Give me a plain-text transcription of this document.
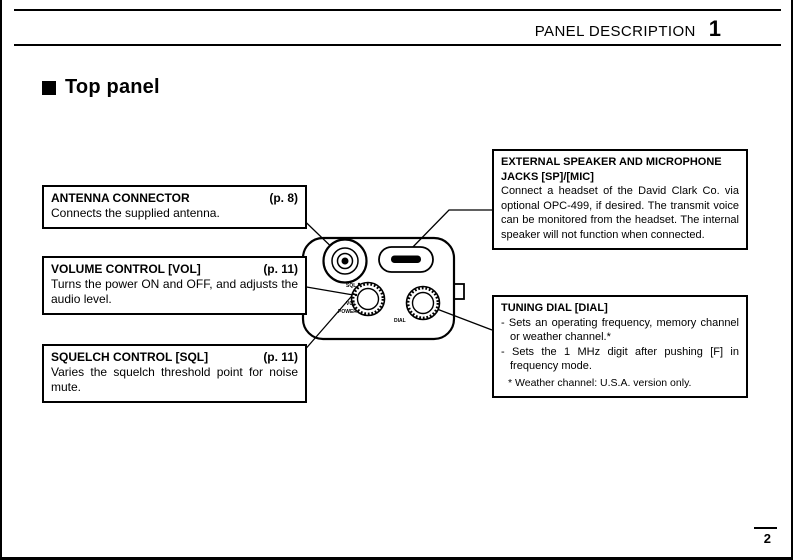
PANEL DESCRIPTION 1
Top panel
SQL
VOL
POWER
DIAL
ANTENNA CONNECTOR	(p. 8)
Connects the supplied antenna.
VOLUME CONTROL [VOL]	(p. 11)
Turns the power ON and OFF, and adjusts the audio level.
SQUELCH CONTROL [SQL]	(p. 11)
Varies the squelch threshold point for noise mute.
EXTERNAL SPEAKER AND MICROPHONE JACKS [SP]/[MIC]
Connect a headset of the David Clark Co. via optional OPC-499, if desired. The transmit voice can be monitored from the headset. The internal speaker will not function when connected.
TUNING DIAL [DIAL]
- Sets an operating frequency, memory channel or weather channel.*
- Sets the 1 MHz digit after pushing [F] in frequency mode.
* Weather channel: U.S.A. version only.
2
